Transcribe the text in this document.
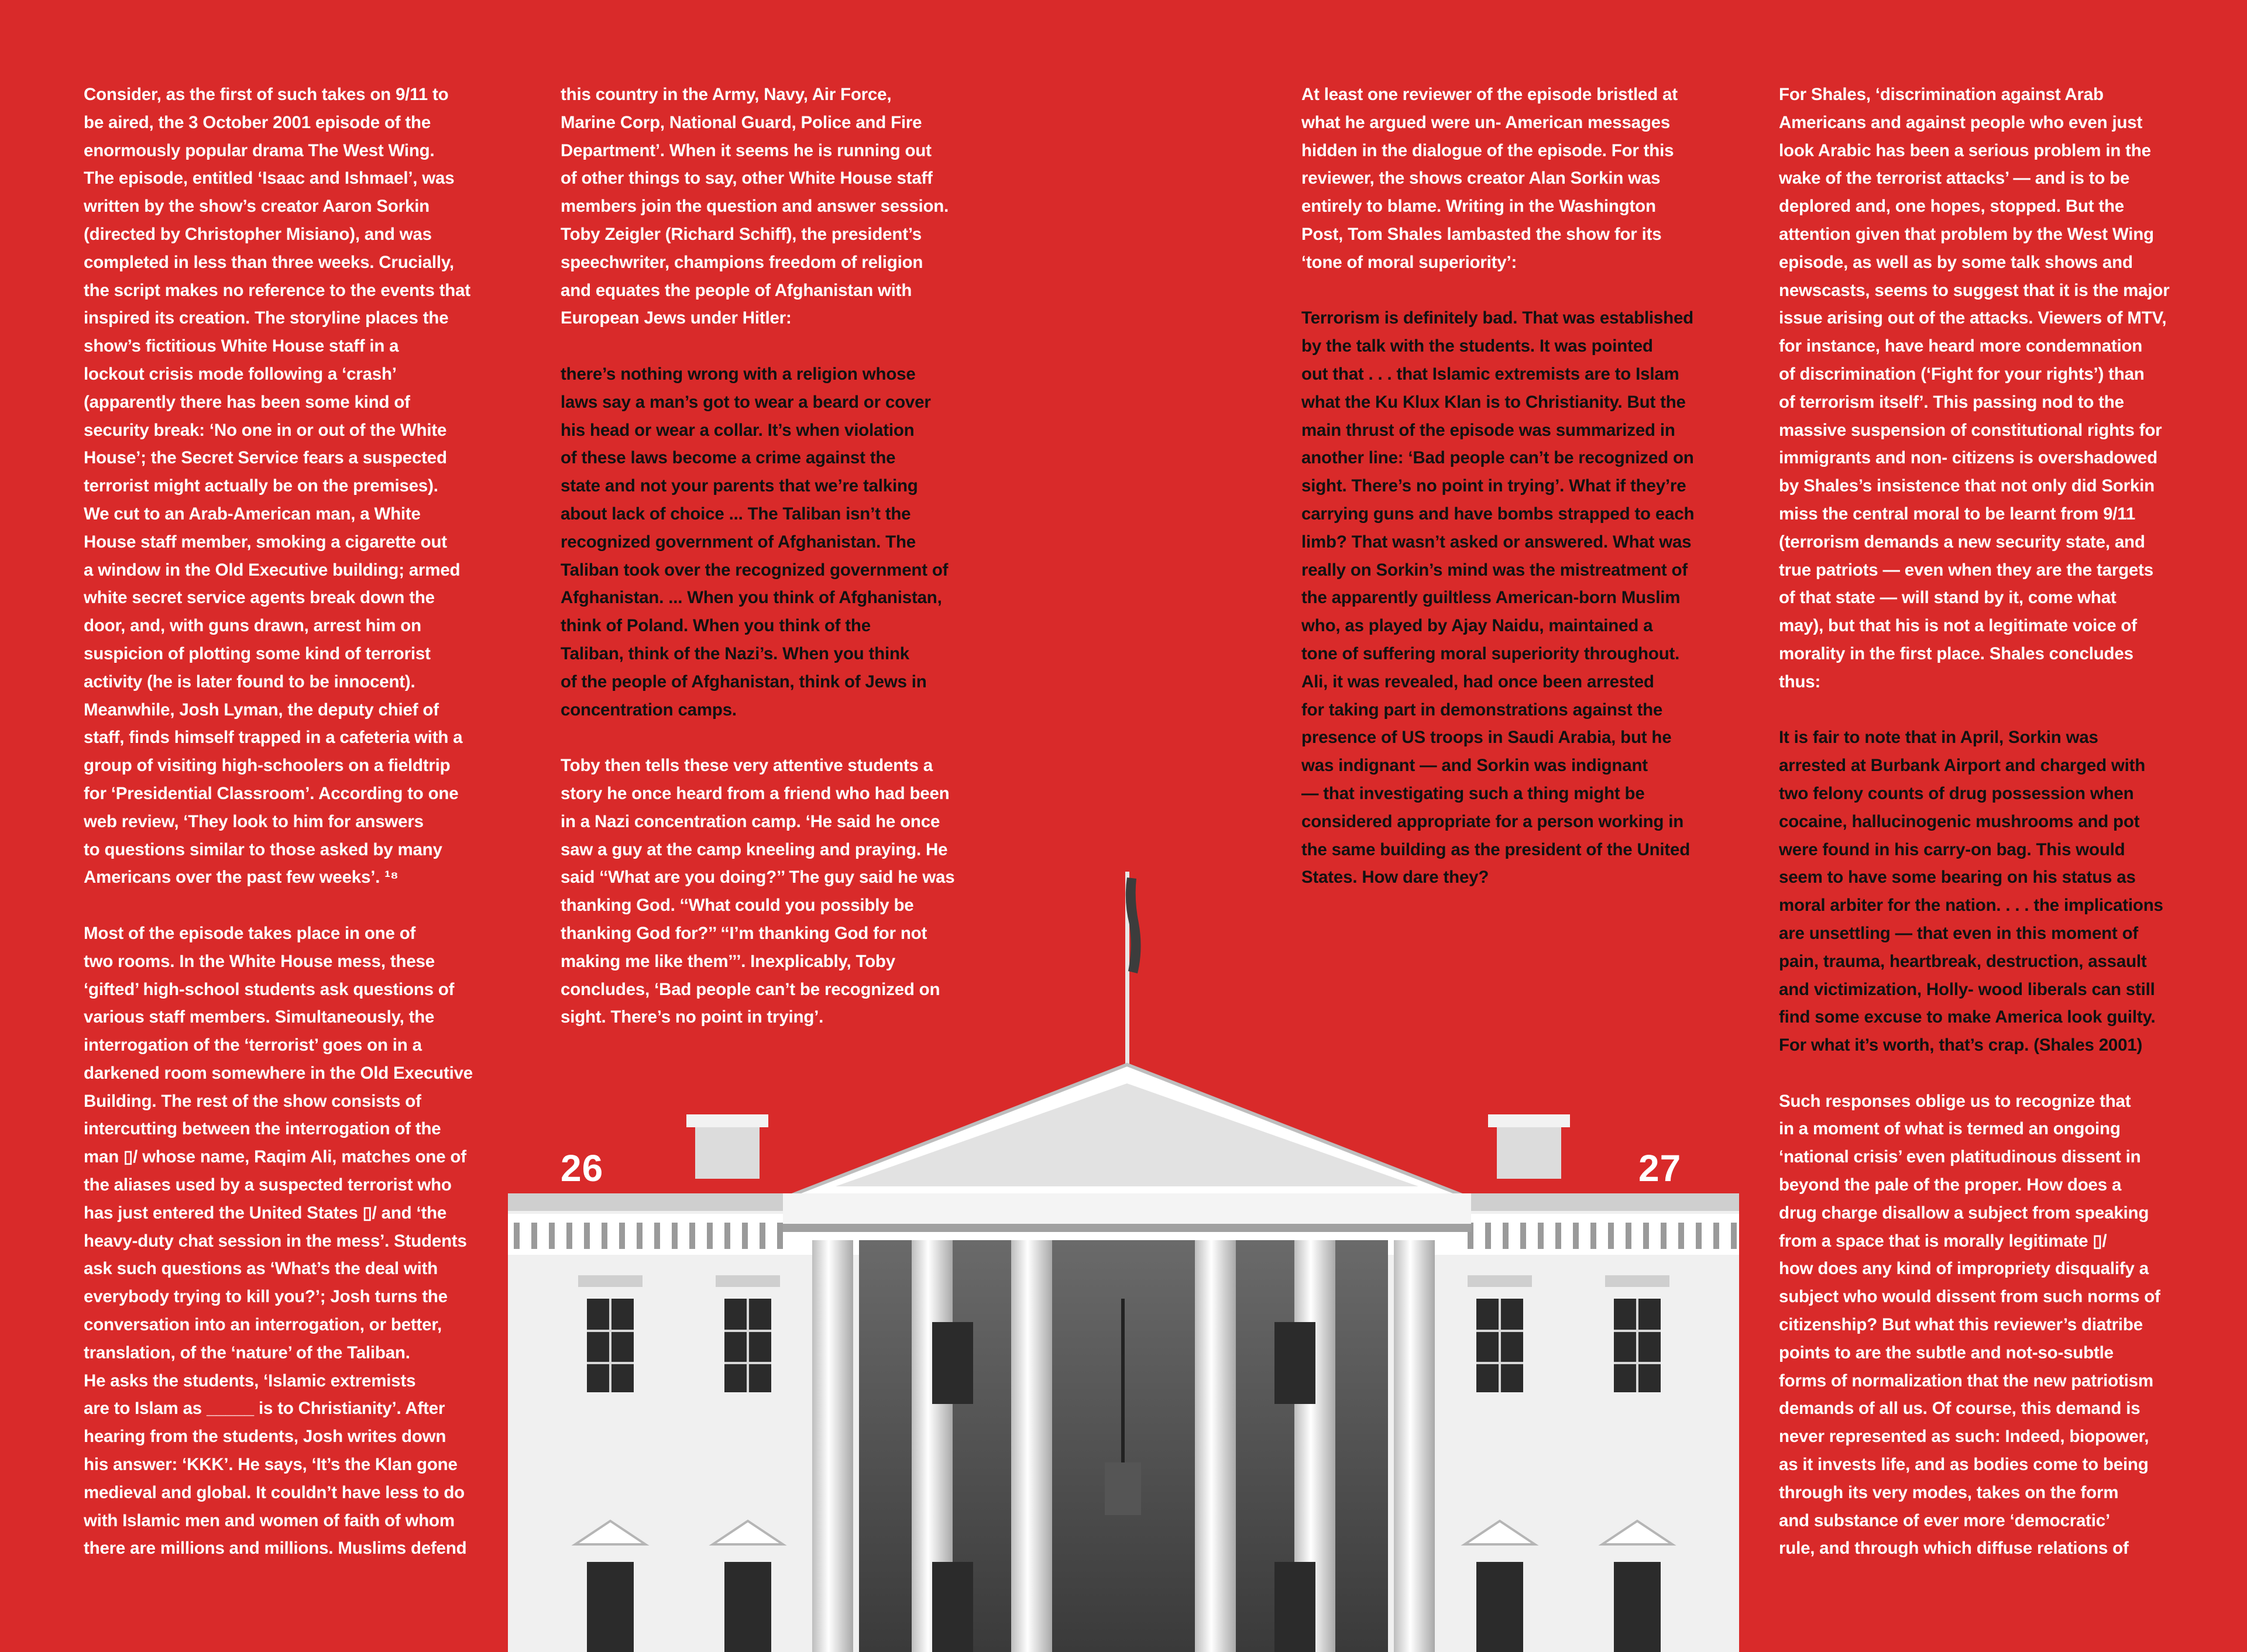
Consider, as the first of such takes on 9/11 to
be aired, the 3 October 2001 episode of the
enormously popular drama The West Wing.
The episode, entitled ‘Isaac and Ishmael’, was
written by the show’s creator Aaron Sorkin
(directed by Christopher Misiano), and was
completed in less than three weeks. Crucially,
the script makes no reference to the events that
inspired its creation. The storyline places the
show’s fictitious White House staff in a
lockout crisis mode following a ‘crash’
(apparently there has been some kind of
security break: ‘No one in or out of the White
House’; the Secret Service fears a suspected
terrorist might actually be on the premises).
We cut to an Arab-American man, a White
House staff member, smoking a cigarette out
a window in the Old Executive building; armed
white secret service agents break down the
door, and, with guns drawn, arrest him on
suspicion of plotting some kind of terrorist
activity (he is later found to be innocent).
Meanwhile, Josh Lyman, the deputy chief of
staff, finds himself trapped in a cafeteria with a
group of visiting high-schoolers on a fieldtrip
for ‘Presidential Classroom’. According to one
web review, ‘They look to him for answers
to questions similar to those asked by many
Americans over the past few weeks’. ¹⁸

Most of the episode takes place in one of
two rooms. In the White House mess, these
‘gifted’ high-school students ask questions of
various staff members. Simultaneously, the
interrogation of the ‘terrorist’ goes on in a
darkened room somewhere in the Old Executive
Building. The rest of the show consists of
intercutting between the interrogation of the
man ▯/ whose name, Raqim Ali, matches one of
the aliases used by a suspected terrorist who
has just entered the United States ▯/ and ‘the
heavy-duty chat session in the mess’. Students
ask such questions as ‘What’s the deal with
everybody trying to kill you?’; Josh turns the
conversation into an interrogation, or better,
translation, of the ‘nature’ of the Taliban.
He asks the students, ‘Islamic extremists
are to Islam as _____ is to Christianity’. After
hearing from the students, Josh writes down
his answer: ‘KKK’. He says, ‘It’s the Klan gone
medieval and global. It couldn’t have less to do
with Islamic men and women of faith of whom
there are millions and millions. Muslims defend

this country in the Army, Navy, Air Force,
Marine Corp, National Guard, Police and Fire
Department’. When it seems he is running out
of other things to say, other White House staff
members join the question and answer session.
Toby Zeigler (Richard Schiff), the president’s
speechwriter, champions freedom of religion
and equates the people of Afghanistan with
European Jews under Hitler:

there’s nothing wrong with a religion whose
laws say a man’s got to wear a beard or cover
his head or wear a collar. It’s when violation
of these laws become a crime against the
state and not your parents that we’re talking
about lack of choice ... The Taliban isn’t the
recognized government of Afghanistan. The
Taliban took over the recognized government of
Afghanistan. ... When you think of Afghanistan,
think of Poland. When you think of the
Taliban, think of the Nazi’s. When you think
of the people of Afghanistan, think of Jews in
concentration camps.

Toby then tells these very attentive students a
story he once heard from a friend who had been
in a Nazi concentration camp. ‘He said he once
saw a guy at the camp kneeling and praying. He
said ‘‘What are you doing?’’ The guy said he was
thanking God. ‘‘What could you possibly be
thanking God for?’’ ‘‘I’m thanking God for not
making me like them’’’. Inexplicably, Toby
concludes, ‘Bad people can’t be recognized on
sight. There’s no point in trying’.

At least one reviewer of the episode bristled at
what he argued were un- American messages
hidden in the dialogue of the episode. For this
reviewer, the shows creator Alan Sorkin was
entirely to blame. Writing in the Washington
Post, Tom Shales lambasted the show for its
‘tone of moral superiority’:

Terrorism is definitely bad. That was established
by the talk with the students. It was pointed
out that . . . that Islamic extremists are to Islam
what the Ku Klux Klan is to Christianity. But the
main thrust of the episode was summarized in
another line: ‘Bad people can’t be recognized on
sight. There’s no point in trying’. What if they’re
carrying guns and have bombs strapped to each
limb? That wasn’t asked or answered. What was
really on Sorkin’s mind was the mistreatment of
the apparently guiltless American-born Muslim
who, as played by Ajay Naidu, maintained a
tone of suffering moral superiority throughout.
Ali, it was revealed, had once been arrested
for taking part in demonstrations against the
presence of US troops in Saudi Arabia, but he
was indignant — and Sorkin was indignant
— that investigating such a thing might be
considered appropriate for a person working in
the same building as the president of the United
States. How dare they?

For Shales, ‘discrimination against Arab
Americans and against people who even just
look Arabic has been a serious problem in the
wake of the terrorist attacks’ — and is to be
deplored and, one hopes, stopped. But the
attention given that problem by the West Wing
episode, as well as by some talk shows and
newscasts, seems to suggest that it is the major
issue arising out of the attacks. Viewers of MTV,
for instance, have heard more condemnation
of discrimination (‘Fight for your rights’) than
of terrorism itself’. This passing nod to the
massive suspension of constitutional rights for
immigrants and non- citizens is overshadowed
by Shales’s insistence that not only did Sorkin
miss the central moral to be learnt from 9/11
(terrorism demands a new security state, and
true patriots — even when they are the targets
of that state — will stand by it, come what
may), but that his is not a legitimate voice of
morality in the first place. Shales concludes
thus:

It is fair to note that in April, Sorkin was
arrested at Burbank Airport and charged with
two felony counts of drug possession when
cocaine, hallucinogenic mushrooms and pot
were found in his carry-on bag. This would
seem to have some bearing on his status as
moral arbiter for the nation. . . . the implications
are unsettling — that even in this moment of
pain, trauma, heartbreak, destruction, assault
and victimization, Holly- wood liberals can still
find some excuse to make America look guilty.
For what it’s worth, that’s crap. (Shales 2001)

Such responses oblige us to recognize that
in a moment of what is termed an ongoing
‘national crisis’ even platitudinous dissent in
beyond the pale of the proper. How does a
drug charge disallow a subject from speaking
from a space that is morally legitimate ▯/
how does any kind of impropriety disqualify a
subject who would dissent from such norms of
citizenship? But what this reviewer’s diatribe
points to are the subtle and not-so-subtle
forms of normalization that the new patriotism
demands of all us. Of course, this demand is
never represented as such: Indeed, biopower,
as it invests life, and as bodies come to being
through its very modes, takes on the form
and substance of ever more ‘democratic’
rule, and through which diffuse relations of

26	27
